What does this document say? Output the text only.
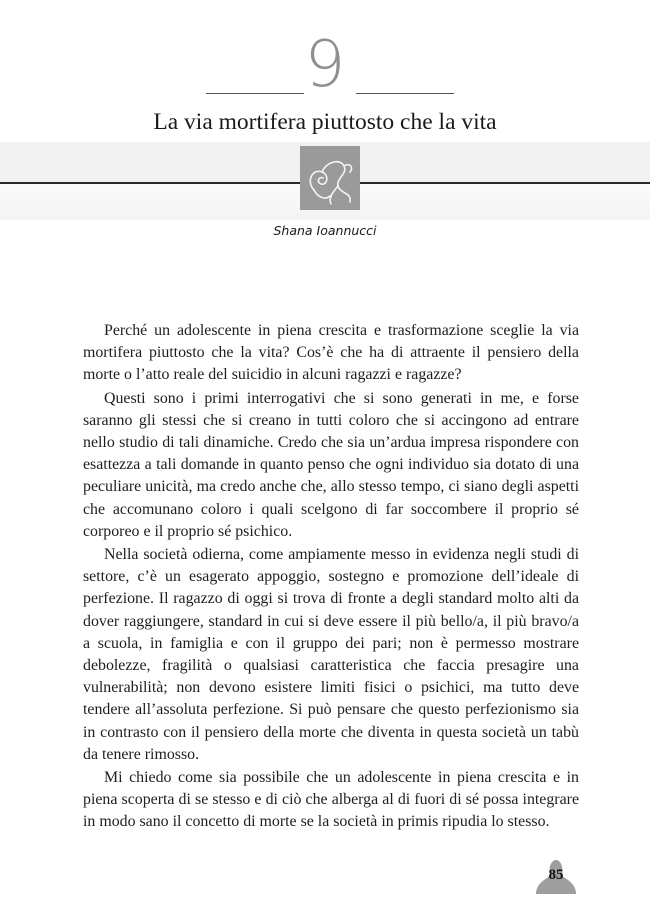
9
La via mortifera piuttosto che la vita
Shana Ioannucci

Perché un adolescente in piena crescita e trasformazione sceglie la via mortifera piuttosto che la vita? Cos’è che ha di attraente il pensiero della morte o l’atto reale del suicidio in alcuni ragazzi e ragazze?

Questi sono i primi interrogativi che si sono generati in me, e forse saranno gli stessi che si creano in tutti coloro che si accingono ad entrare nello studio di tali dinamiche. Credo che sia un’ardua impresa rispondere con esattezza a tali domande in quanto penso che ogni individuo sia dotato di una peculiare unicità, ma credo anche che, allo stesso tempo, ci siano degli aspetti che accomunano coloro i quali scelgono di far soccombere il proprio sé corporeo e il proprio sé psichico.

Nella società odierna, come ampiamente messo in evidenza negli studi di settore, c’è un esagerato appoggio, sostegno e promozione dell’ideale di perfezione. Il ragazzo di oggi si trova di fronte a degli standard molto alti da dover raggiungere, standard in cui si deve essere il più bello/a, il più bravo/a a scuola, in famiglia e con il gruppo dei pari; non è permesso mostrare debolezze, fragilità o qualsiasi caratteristica che faccia presagire una vulnerabilità; non devono esistere limiti fisici o psichici, ma tutto deve tendere all’assoluta perfezione. Si può pensare che questo perfezionismo sia in contrasto con il pensiero della morte che diventa in questa società un tabù da tenere rimosso.

Mi chiedo come sia possibile che un adolescente in piena crescita e in piena scoperta di se stesso e di ciò che alberga al di fuori di sé possa integrare in modo sano il concetto di morte se la società in primis ripudia lo stesso.

85
